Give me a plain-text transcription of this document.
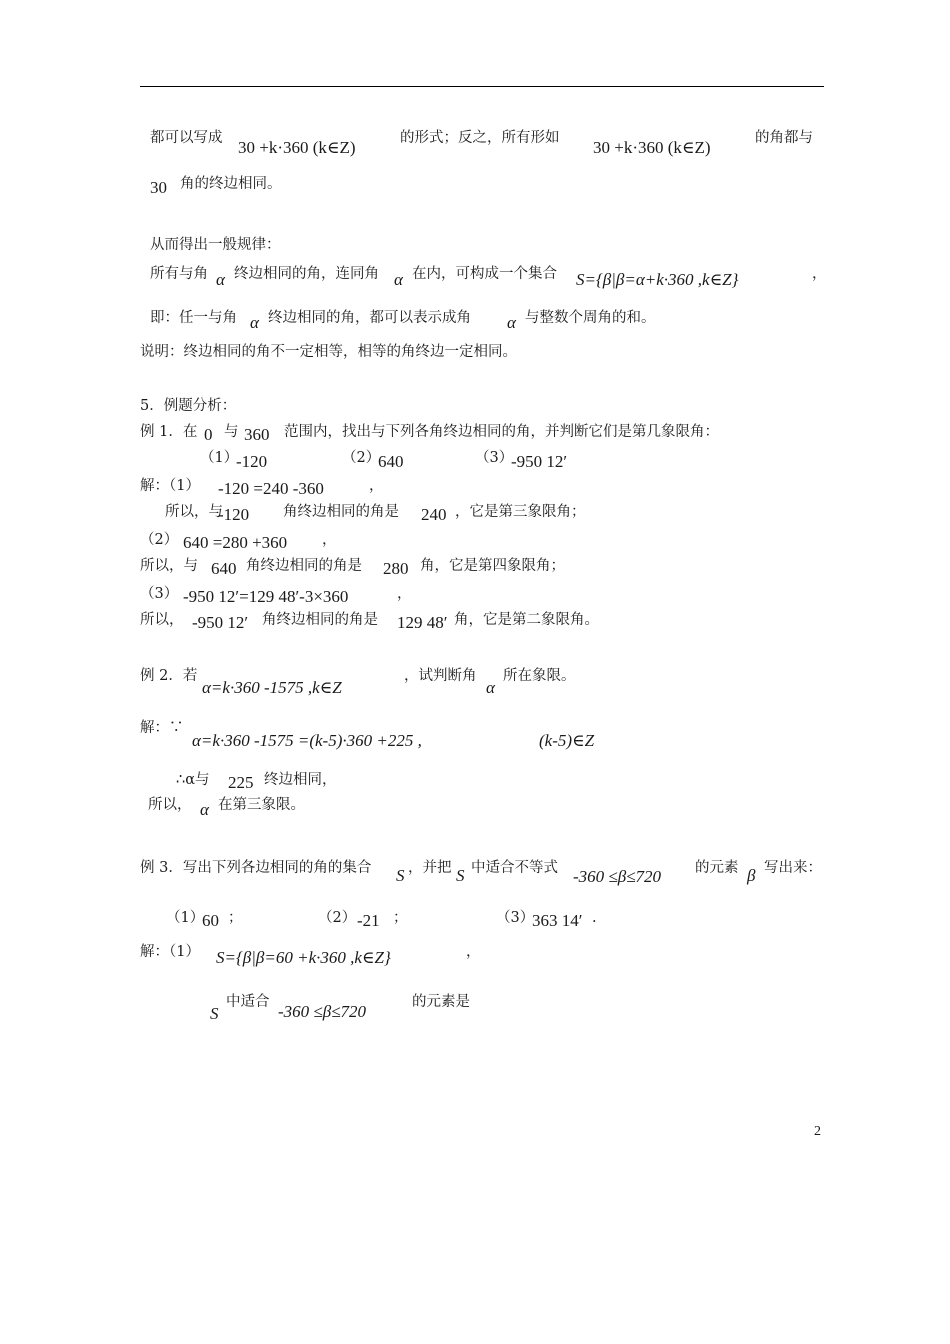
都可以写成 30 +k·360 (k∈Z)	的形式；反之，所有形如 30 +k·360 (k∈Z)	的角都与
30 角的终边相同。
从而得出一般规律：
所有与角 α 终边相同的角，连同角 α 在内，可构成一个集合 S={β|β=α+k·360 ,k∈Z}	，
即：任一与角 α 终边相同的角，都可以表示成角 α 与整数个周角的和。
说明：终边相同的角不一定相等，相等的角终边一定相同。
5．例题分析：
例 1．在 0 与 360 范围内，找出与下列各角终边相同的角，并判断它们是第几象限角：
（1）
-120	（2）
640	（3）
-950 12′
解：（1） -120 =240 -360	，
所以，与
-120 角终边相同的角是 240 ，它是第三象限角；
（2） 640 =280 +360 ，
所以，与 640 角终边相同的角是 280 角，它是第四象限角；
（3） -950 12′=129 48′-3×360	，
所以， -950 12′ 角终边相同的角是 129 48′ 角，它是第二象限角。
例 2．若
α=k·360 -1575 ,k∈Z
，试判断角
α
所在象限。
解：∵
α=k·360 -1575 =(k-5)·360 +225 ,	(k-5)∈Z
∴α与 225 终边相同，
所以， α 在第三象限。
例 3．写出下列各边相同的角的集合 S ，并把 S 中适合不等式 -360 ≤β≤720 的元素 β 写出来：
（1）
60 ；	（2） -21 ；	（3）
363 14′ .
解：（1） S={β|β=60 +k·360 ,k∈Z}	，
S
中适合 -360 ≤β≤720	的元素是
2
